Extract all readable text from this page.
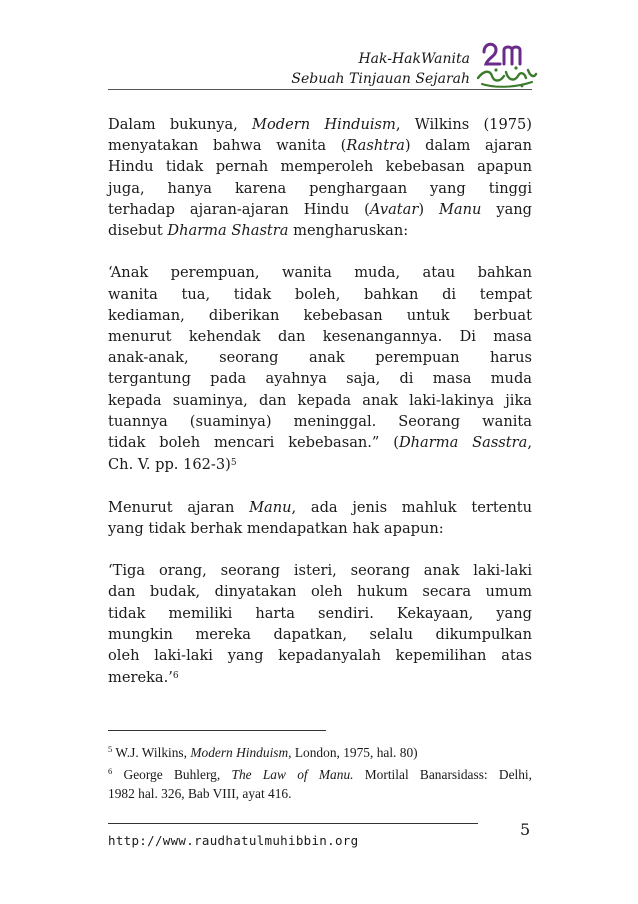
Hak-HakWanita
Sebuah Tinjauan Sejarah
Dalam bukunya, Modern Hinduism, Wilkins (1975)
menyatakan bahwa wanita (Rashtra) dalam ajaran
Hindu tidak pernah memperoleh kebebasan apapun
juga, hanya karena penghargaan yang tinggi
terhadap ajaran-ajaran Hindu (Avatar) Manu yang
disebut Dharma Shastra mengharuskan:
‘Anak perempuan, wanita muda, atau bahkan
wanita tua, tidak boleh, bahkan di tempat
kediaman, diberikan kebebasan untuk berbuat
menurut kehendak dan kesenangannya. Di masa
anak-anak, seorang anak perempuan harus
tergantung pada ayahnya saja, di masa muda
kepada suaminya, dan kepada anak laki-lakinya jika
tuannya (suaminya) meninggal. Seorang wanita
tidak boleh mencari kebebasan.” (Dharma Sasstra,
Ch. V. pp. 162-3)$^5$
Menurut ajaran Manu, ada jenis mahluk tertentu
yang tidak berhak mendapatkan hak apapun:
‘Tiga orang, seorang isteri, seorang anak laki-laki
dan budak, dinyatakan oleh hukum secara umum
tidak memiliki harta sendiri. Kekayaan, yang
mungkin mereka dapatkan, selalu dikumpulkan
oleh laki-laki yang kepadanyalah kepemilihan atas
mereka.’$^6$
$^5$ W.J. Wilkins, Modern Hinduism, London, 1975, hal. 80)
$^6$ George Buhlerg, The Law of Manu. Mortilal Banarsidass: Delhi,
1982 hal. 326, Bab VIII, ayat 416.
http://www.raudhatulmuhibbin.org
5
